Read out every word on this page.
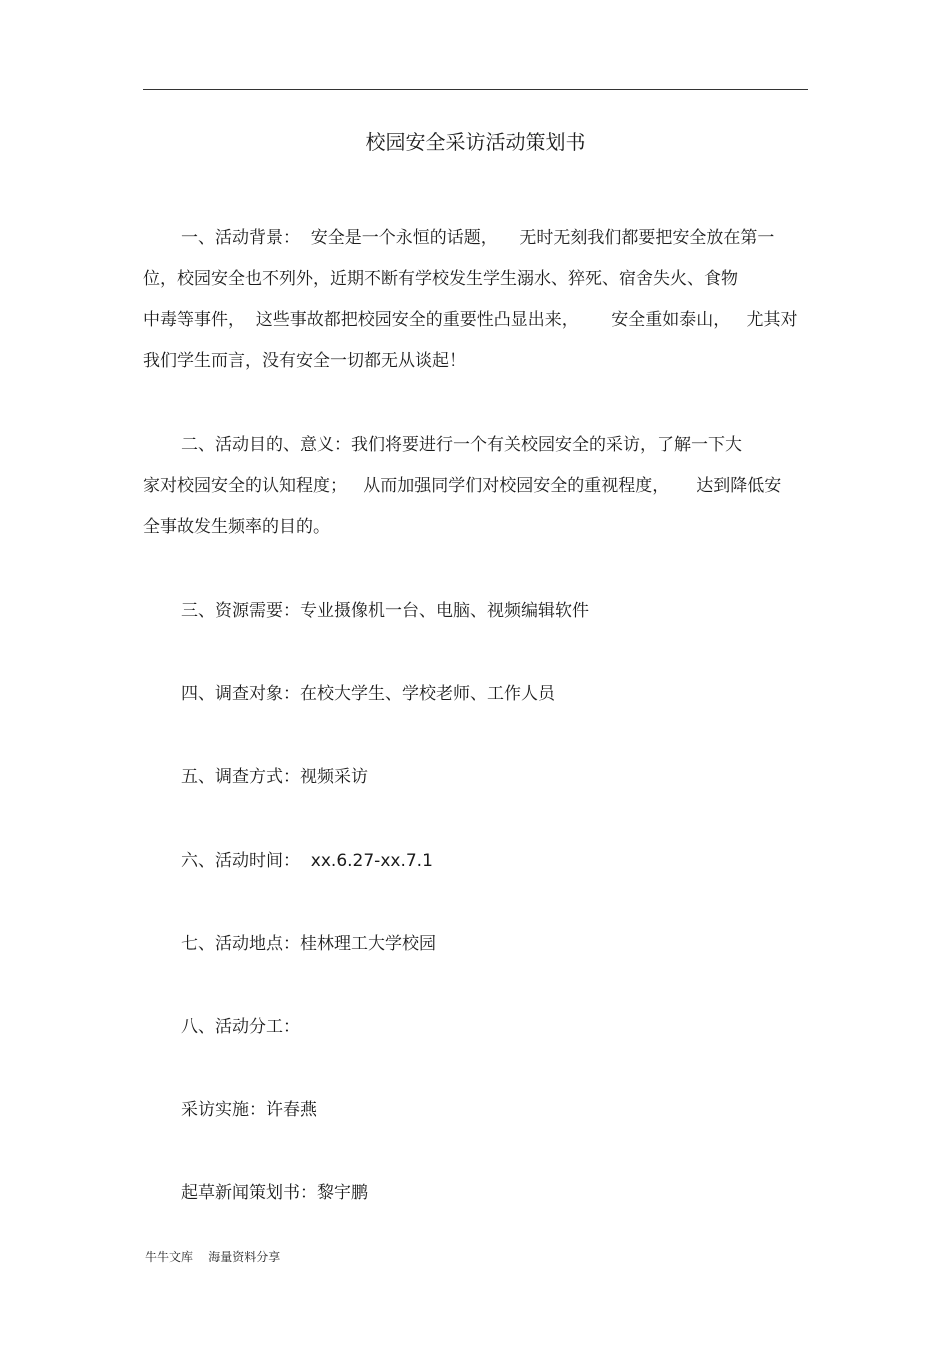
校园安全采访活动策划书
一、活动背景：  安全是一个永恒的话题，    无时无刻我们都要把安全放在第一
位，校园安全也不列外，近期不断有学校发生学生溺水、猝死、宿舍失火、食物
中毒等事件，  这些事故都把校园安全的重要性凸显出来，      安全重如泰山，   尤其对
我们学生而言，没有安全一切都无从谈起！
二、活动目的、意义：我们将要进行一个有关校园安全的采访，了解一下大
家对校园安全的认知程度；   从而加强同学们对校园安全的重视程度，     达到降低安
全事故发生频率的目的。

三、资源需要：专业摄像机一台、电脑、视频编辑软件

四、调查对象：在校大学生、学校老师、工作人员

五、调查方式：视频采访

六、活动时间：  xx.6.27-xx.7.1

七、活动地点：桂林理工大学校园

八、活动分工：

采访实施：许春燕

起草新闻策划书：黎宇鹏

牛牛文库    海量资料分享
